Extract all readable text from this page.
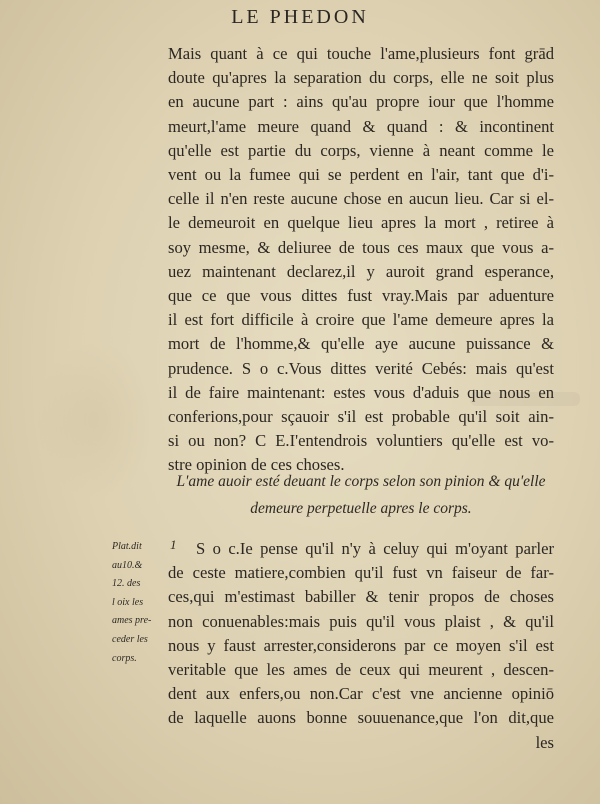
LE PHEDON
Mais quant à ce qui touche l'ame,plusieurs font grād
doute qu'apres la separation du corps, elle ne soit plus
en aucune part : ains qu'au propre iour que l'homme
meurt,l'ame meure quand & quand : & incontinent
qu'elle est partie du corps, vienne à neant comme le
vent ou la fumee qui se perdent en l'air, tant que d'i-
celle il n'en reste aucune chose en aucun lieu. Car si el-
le demeuroit en quelque lieu apres la mort , retiree à
soy mesme, & deliuree de tous ces maux que vous a-
uez maintenant declarez,il y auroit grand esperance,
que ce que vous dittes fust vray.Mais par aduenture
il est fort difficile à croire que l'ame demeure apres la
mort de l'homme,& qu'elle aye aucune puissance &
prudence. S o c.Vous dittes verité Cebés: mais qu'est
il de faire maintenant: estes vous d'aduis que nous en
conferions,pour sçauoir s'il est probable qu'il soit ain-
si ou non? C E.I'entendrois voluntiers qu'elle est vo-
stre opinion de ces choses.
L'ame auoir esté deuant le corps selon son pinion & qu'elle
demeure perpetuelle apres le corps.
Plat.dit
au10.&
12. des
l oix les
ames pre-
ceder les
corps.
1 S o c.Ie pense qu'il n'y à celuy qui m'oyant parler
de ceste matiere,combien qu'il fust vn faiseur de far-
ces,qui m'estimast babiller & tenir propos de choses
non conuenables:mais puis qu'il vous plaist , & qu'il
nous y faust arrester,considerons par ce moyen s'il est
veritable que les ames de ceux qui meurent , descen-
dent aux enfers,ou non.Car c'est vne ancienne opiniō
de laquelle auons bonne souuenance,que l'on dit,que
les
